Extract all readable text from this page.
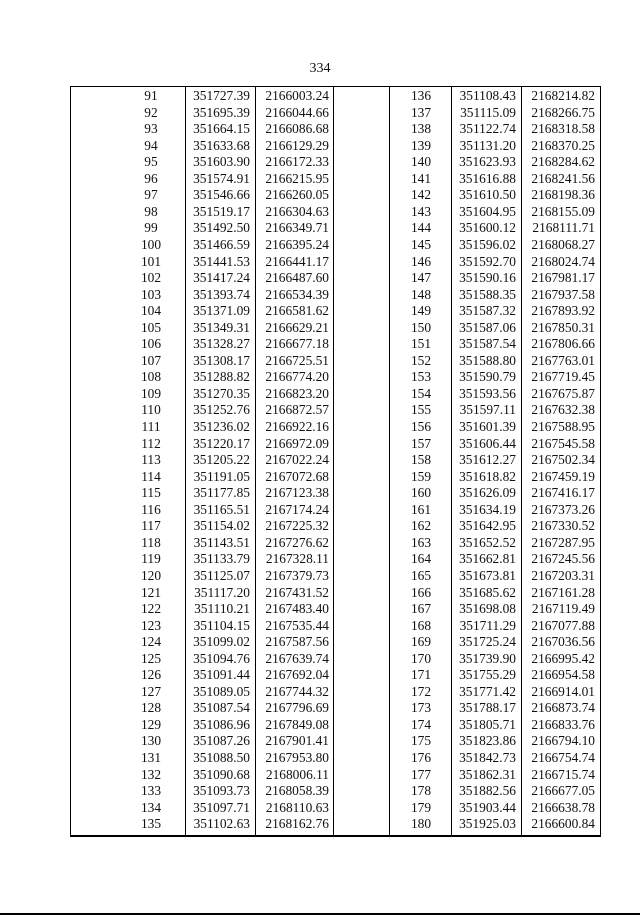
334
91	351727.39 2166003.24
92	351695.39 2166044.66
93	351664.15 2166086.68
94	351633.68 2166129.29
95	351603.90 2166172.33
96	351574.91 2166215.95
97	351546.66 2166260.05
98	351519.17 2166304.63
99	351492.50 2166349.71
100	351466.59 2166395.24
101	351441.53 2166441.17
102	351417.24 2166487.60
103	351393.74 2166534.39
104	351371.09 2166581.62
105	351349.31 2166629.21
106	351328.27 2166677.18
107	351308.17 2166725.51
108	351288.82 2166774.20
109	351270.35 2166823.20
110	351252.76 2166872.57
111	351236.02 2166922.16
112	351220.17 2166972.09
113	351205.22 2167022.24
114	351191.05 2167072.68
115	351177.85 2167123.38
116	351165.51 2167174.24
117	351154.02 2167225.32
118	351143.51 2167276.62
119	351133.79 2167328.11
120	351125.07 2167379.73
121	351117.20 2167431.52
122	351110.21 2167483.40
123	351104.15 2167535.44
124	351099.02 2167587.56
125	351094.76 2167639.74
126	351091.44 2167692.04
127	351089.05 2167744.32
128	351087.54 2167796.69
129	351086.96 2167849.08
130	351087.26 2167901.41
131	351088.50 2167953.80
132	351090.68 2168006.11
133	351093.73 2168058.39
134	351097.71 2168110.63
135	351102.63 2168162.76
136	351108.43 2168214.82
137	351115.09 2168266.75
138	351122.74 2168318.58
139	351131.20 2168370.25
140	351623.93 2168284.62
141	351616.88 2168241.56
142	351610.50 2168198.36
143	351604.95 2168155.09
144	351600.12 2168111.71
145	351596.02 2168068.27
146	351592.70 2168024.74
147	351590.16 2167981.17
148	351588.35 2167937.58
149	351587.32 2167893.92
150	351587.06 2167850.31
151	351587.54 2167806.66
152	351588.80 2167763.01
153	351590.79 2167719.45
154	351593.56 2167675.87
155	351597.11 2167632.38
156	351601.39 2167588.95
157	351606.44 2167545.58
158	351612.27 2167502.34
159	351618.82 2167459.19
160	351626.09 2167416.17
161	351634.19 2167373.26
162	351642.95 2167330.52
163	351652.52 2167287.95
164	351662.81 2167245.56
165	351673.81 2167203.31
166	351685.62 2167161.28
167	351698.08 2167119.49
168	351711.29 2167077.88
169	351725.24 2167036.56
170	351739.90 2166995.42
171	351755.29 2166954.58
172	351771.42 2166914.01
173	351788.17 2166873.74
174	351805.71 2166833.76
175	351823.86 2166794.10
176	351842.73 2166754.74
177	351862.31 2166715.74
178	351882.56 2166677.05
179	351903.44 2166638.78
180	351925.03 2166600.84
